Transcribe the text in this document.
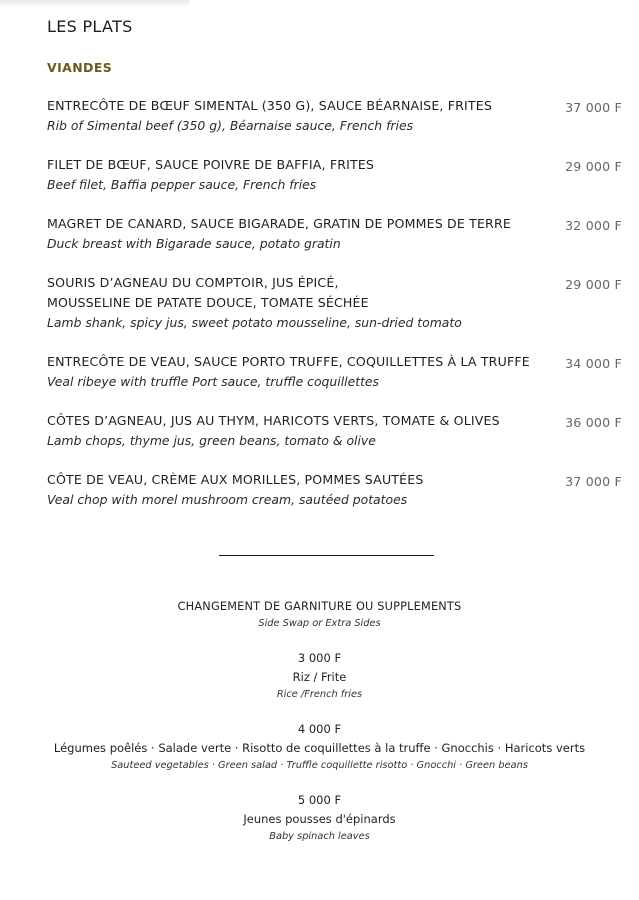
LES PLATS
VIANDES
ENTRECÔTE DE BŒUF SIMENTAL (350 G), SAUCE BÉARNAISE, FRITES
Rib of Simental beef (350 g), Béarnaise sauce, French fries
37 000 F
FILET DE BŒUF, SAUCE POIVRE DE BAFFIA, FRITES
Beef filet, Baffia pepper sauce, French fries
29 000 F
MAGRET DE CANARD, SAUCE BIGARADE, GRATIN DE POMMES DE TERRE
Duck breast with Bigarade sauce, potato gratin
32 000 F
SOURIS D’AGNEAU DU COMPTOIR, JUS ÉPICÉ,
MOUSSELINE DE PATATE DOUCE, TOMATE SÉCHÉE
Lamb shank, spicy jus, sweet potato mousseline, sun-dried tomato
29 000 F
ENTRECÔTE DE VEAU, SAUCE PORTO TRUFFE, COQUILLETTES À LA TRUFFE
Veal ribeye with truffle Port sauce, truffle coquillettes
34 000 F
CÔTES D’AGNEAU, JUS AU THYM, HARICOTS VERTS, TOMATE & OLIVES
Lamb chops, thyme jus, green beans, tomato & olive
36 000 F
CÔTE DE VEAU, CRÈME AUX MORILLES, POMMES SAUTÉES
Veal chop with morel mushroom cream, sautéed potatoes
37 000 F
CHANGEMENT DE GARNITURE OU SUPPLEMENTS
Side Swap or Extra Sides
3 000 F
Riz / Frite
Rice /French fries
4 000 F
Légumes poêlés · Salade verte · Risotto de coquillettes à la truffe · Gnocchis · Haricots verts
Sauteed vegetables · Green salad · Truffle coquillette risotto · Gnocchi · Green beans
5 000 F
Jeunes pousses d'épinards
Baby spinach leaves
